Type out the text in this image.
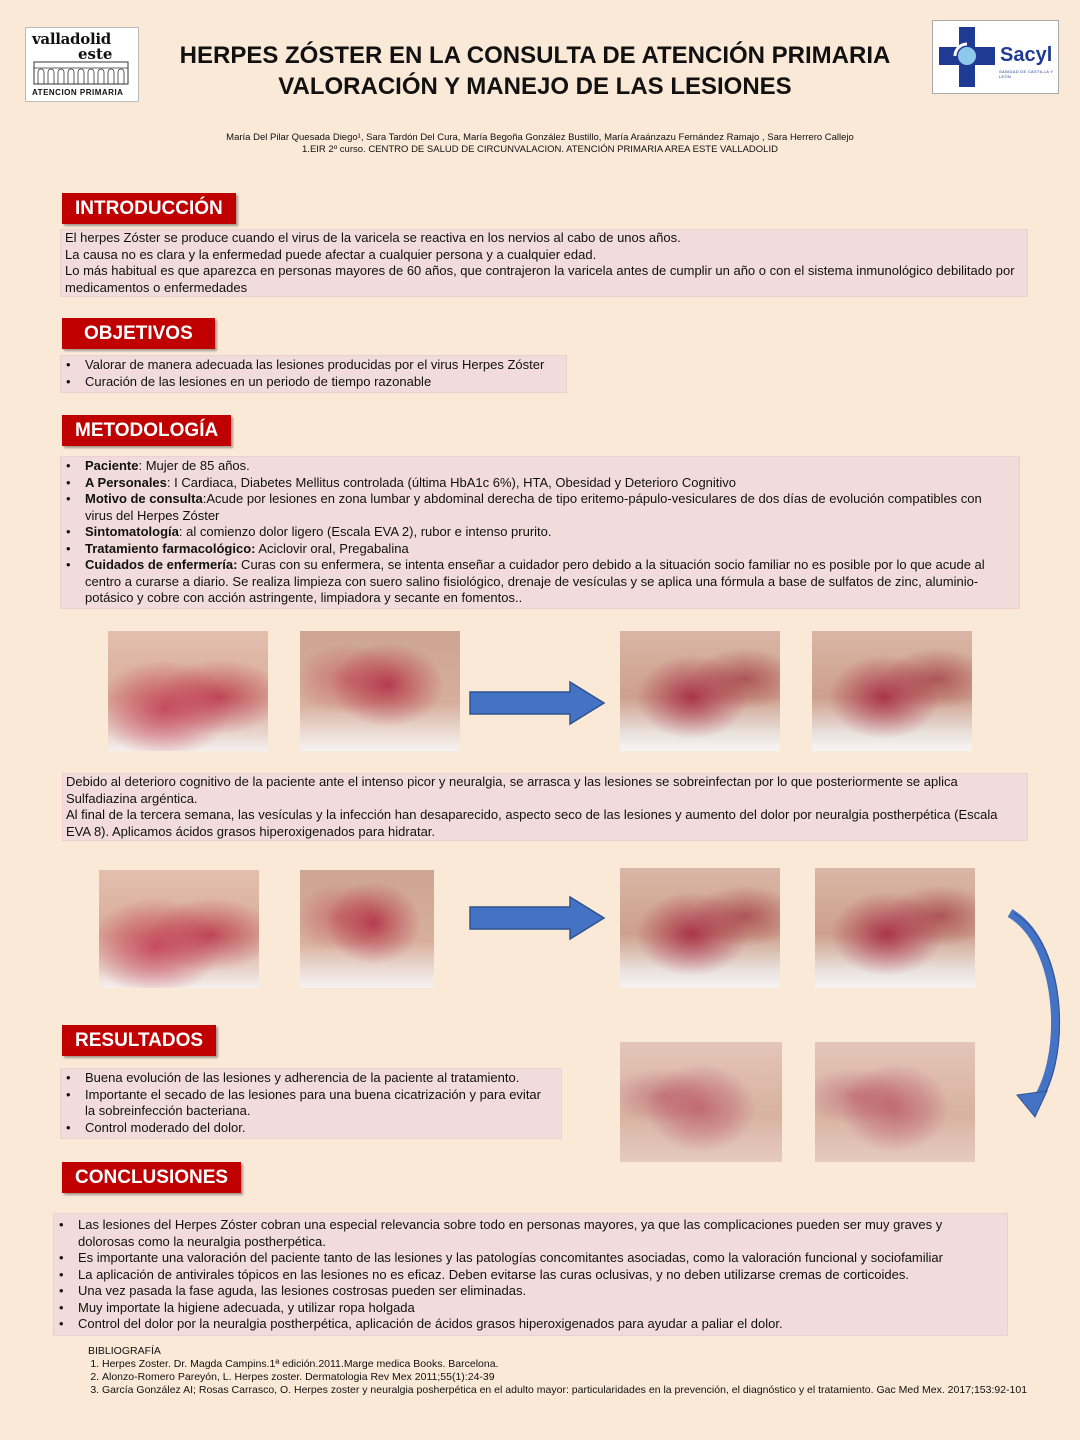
valladolid
este
ATENCION PRIMARIA
Sacyl
SANIDAD DE CASTILLA Y LEÓN
HERPES ZÓSTER EN LA CONSULTA DE ATENCIÓN PRIMARIA
VALORACIÓN Y MANEJO DE LAS LESIONES
María Del Pilar Quesada Diego¹, Sara Tardón Del Cura, María Begoña González Bustillo, María Araánzazu Fernández Ramajo , Sara Herrero Callejo
1.EIR 2º curso. CENTRO DE SALUD DE CIRCUNVALACION. ATENCIÓN PRIMARIA AREA ESTE VALLADOLID
INTRODUCCIÓN

El herpes Zóster se produce cuando el virus de la varicela se reactiva en los nervios al cabo de unos años.

La causa no es clara y la enfermedad puede afectar a cualquier persona y a cualquier edad.

Lo más habitual es que aparezca en personas mayores de 60 años, que contrajeron la varicela antes de cumplir un año o con el sistema inmunológico debilitado por medicamentos o enfermedades

OBJETIVOS
• Valorar de manera adecuada las lesiones producidas por el virus Herpes Zóster
• Curación de las lesiones en un periodo de tiempo razonable
METODOLOGÍA
• Paciente: Mujer de 85 años.
• A Personales: I Cardiaca, Diabetes Mellitus controlada (última HbA1c 6%), HTA, Obesidad y Deterioro Cognitivo
• Motivo de consulta:Acude por lesiones en zona lumbar y abdominal derecha de tipo eritemo-pápulo-vesiculares de dos días de evolución compatibles con virus del Herpes Zóster
• Sintomatología: al comienzo dolor ligero (Escala EVA 2), rubor e intenso prurito.
• Tratamiento farmacológico: Aciclovir oral, Pregabalina
• Cuidados de enfermería: Curas con su enfermera, se intenta enseñar a cuidador pero debido a la situación socio familiar no es posible por lo que acude al centro a curarse a diario. Se realiza limpieza con suero salino fisiológico, drenaje de vesículas y se aplica una fórmula a base de sulfatos de zinc, aluminio-potásico y cobre con acción astringente, limpiadora y secante en fomentos..

Debido al deterioro cognitivo de la paciente ante el intenso picor y neuralgia, se arrasca y las lesiones se sobreinfectan por lo que posteriormente se aplica Sulfadiazina argéntica.

Al final de la tercera semana, las vesículas y la infección han desaparecido, aspecto seco de las lesiones y aumento del dolor por neuralgia postherpética (Escala EVA 8). Aplicamos ácidos grasos hiperoxigenados para hidratar.

RESULTADOS
• Buena evolución de las lesiones y adherencia de la paciente al tratamiento.
• Importante el secado de las lesiones para una buena cicatrización y para evitar la sobreinfección bacteriana.
• Control moderado del dolor.
CONCLUSIONES
• Las lesiones del Herpes Zóster cobran una especial relevancia sobre todo en personas mayores, ya que las complicaciones pueden ser muy graves y dolorosas como la neuralgia postherpética.
• Es importante una valoración del paciente tanto de las lesiones y las patologías concomitantes asociadas, como la valoración funcional y sociofamiliar
• La aplicación de antivirales tópicos en las lesiones no es eficaz. Deben evitarse las curas oclusivas, y no deben utilizarse cremas de corticoides.
• Una vez pasada la fase aguda, las lesiones costrosas pueden ser eliminadas.
• Muy importate la higiene adecuada, y utilizar ropa holgada
• Control del dolor por la neuralgia postherpética, aplicación de ácidos grasos hiperoxigenados para ayudar a paliar el dolor.
BIBLIOGRAFÍA
1. Herpes Zoster. Dr. Magda Campins.1ª edición.2011.Marge medica Books. Barcelona.
2. Alonzo-Romero Pareyón, L. Herpes zoster. Dermatologia Rev Mex 2011;55(1):24-39
3. García González AI; Rosas Carrasco, O. Herpes zoster y neuralgia posherpética en el adulto mayor: particularidades en la prevención, el diagnóstico y el tratamiento. Gac Med Mex. 2017;153:92-101
